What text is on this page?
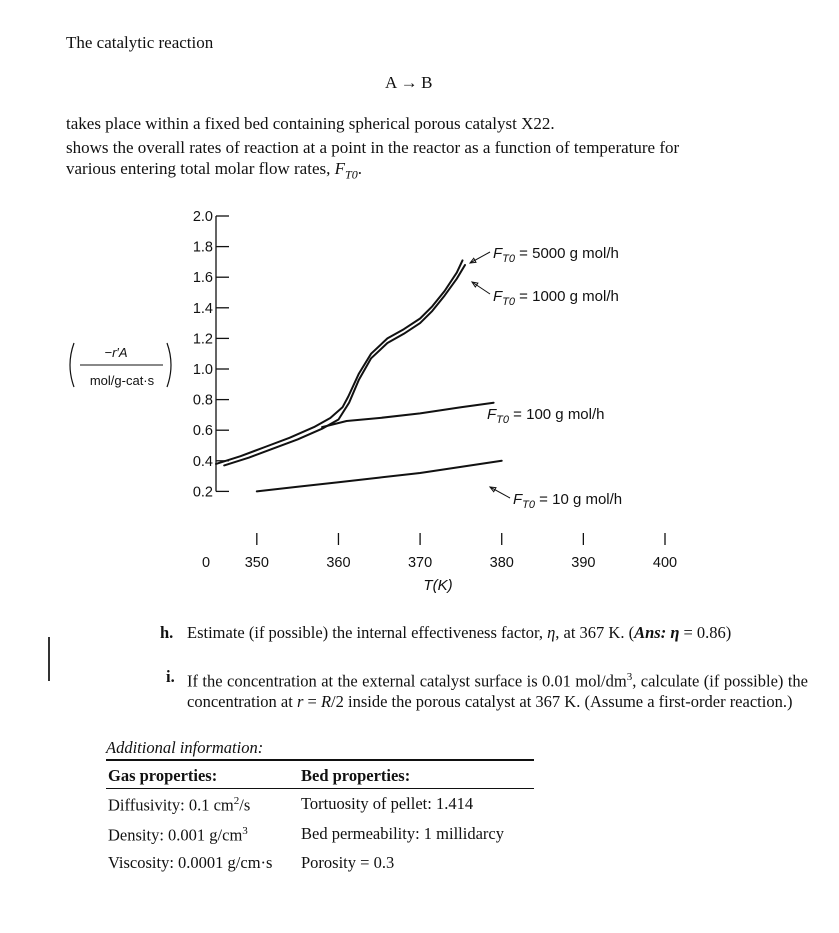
The catalytic reaction
A → B
takes place within a fixed bed containing spherical porous catalyst X22.
shows the overall rates of reaction at a point in the reactor as a function of temperature for
various entering total molar flow rates, $F_{T0}$.
0.2
0.4
0.6
0.8
1.0
1.2
1.4
1.6
1.8
2.0
350	360	370	380	390	400
0
$F_{T0} = 5000$ g mol/h
$F_{T0} = 1000$ g mol/h
$F_{T0} = 100$ g mol/h
$F_{T0} = 10$ g mol/h
−r′A
mol/g-cat·s
T(K)
h. Estimate (if possible) the internal effectiveness factor, η, at 367 K. (Ans: η = 0.86)
i. If the concentration at the external catalyst surface is 0.01 mol/$dm^3$, calculate (if possible) the concentration at r = R/2 inside the porous catalyst at 367 K. (Assume a first-order reaction.)
Additional information:
Gas properties:	Bed properties:
Diffusivity: 0.1 $cm^2/s$	Tortuosity of pellet: 1.414
Density: 0.001 $g/cm^3$	Bed permeability: 1 millidarcy
Viscosity: 0.0001 g/cm·s Porosity = 0.3
